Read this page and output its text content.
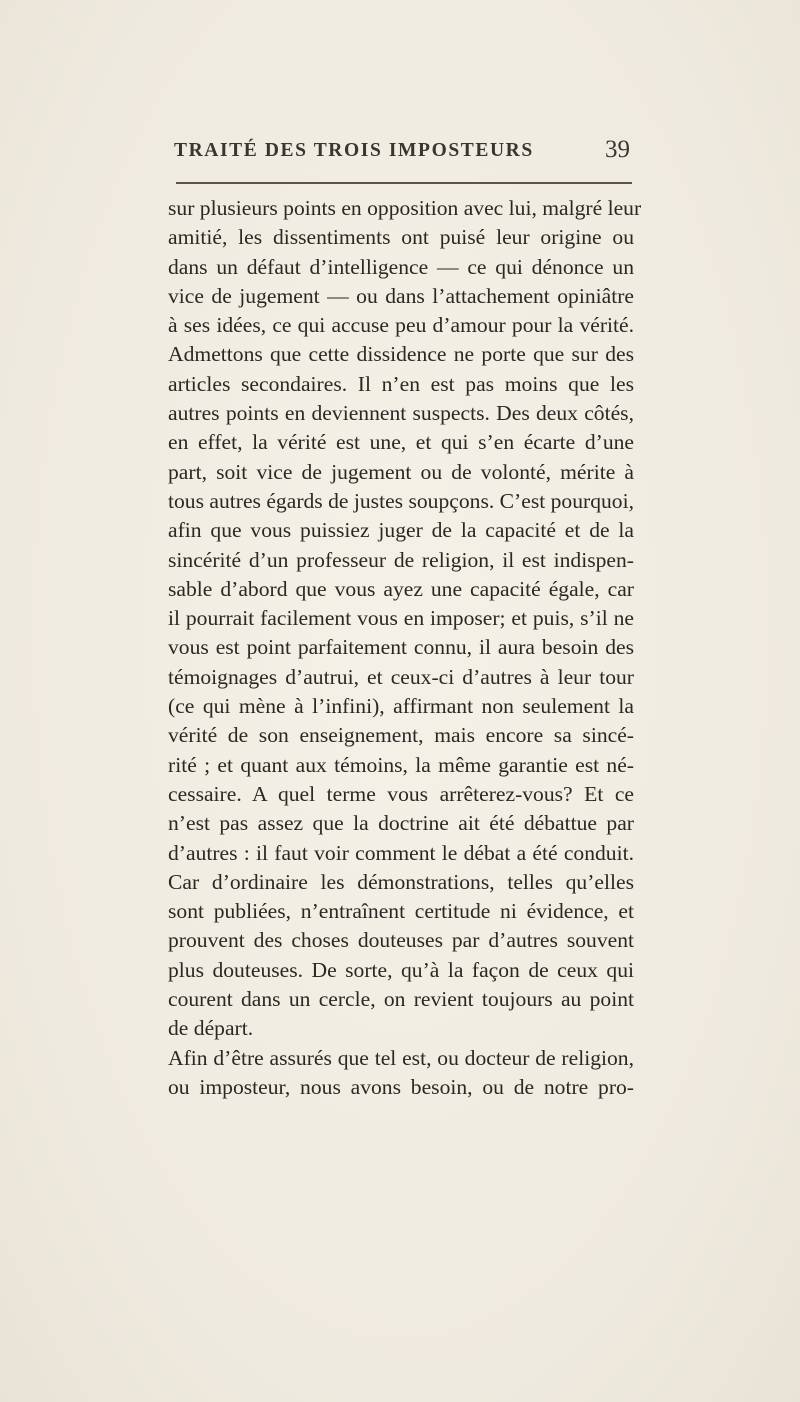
TRAITÉ DES TROIS IMPOSTEURS	39
sur plusieurs points en opposition avec lui, malgré leur
amitié, les dissentiments ont puisé leur origine ou
dans un défaut d’intelligence — ce qui dénonce un
vice de jugement — ou dans l’attachement opiniâtre
à ses idées, ce qui accuse peu d’amour pour la vérité.
Admettons que cette dissidence ne porte que sur des
articles secondaires. Il n’en est pas moins que les
autres points en deviennent suspects. Des deux côtés,
en effet, la vérité est une, et qui s’en écarte d’une
part, soit vice de jugement ou de volonté, mérite à
tous autres égards de justes soupçons. C’est pourquoi,
afin que vous puissiez juger de la capacité et de la
sincérité d’un professeur de religion, il est indispen-
sable d’abord que vous ayez une capacité égale, car
il pourrait facilement vous en imposer; et puis, s’il ne
vous est point parfaitement connu, il aura besoin des
témoignages d’autrui, et ceux-ci d’autres à leur tour
(ce qui mène à l’infini), affirmant non seulement la
vérité de son enseignement, mais encore sa sincé-
rité ; et quant aux témoins, la même garantie est né-
cessaire. A quel terme vous arrêterez-vous? Et ce
n’est pas assez que la doctrine ait été débattue par
d’autres : il faut voir comment le débat a été conduit.
Car d’ordinaire les démonstrations, telles qu’elles
sont publiées, n’entraînent certitude ni évidence, et
prouvent des choses douteuses par d’autres souvent
plus douteuses. De sorte, qu’à la façon de ceux qui
courent dans un cercle, on revient toujours au point
de départ.
Afin d’être assurés que tel est, ou docteur de religion,
ou imposteur, nous avons besoin, ou de notre pro-
